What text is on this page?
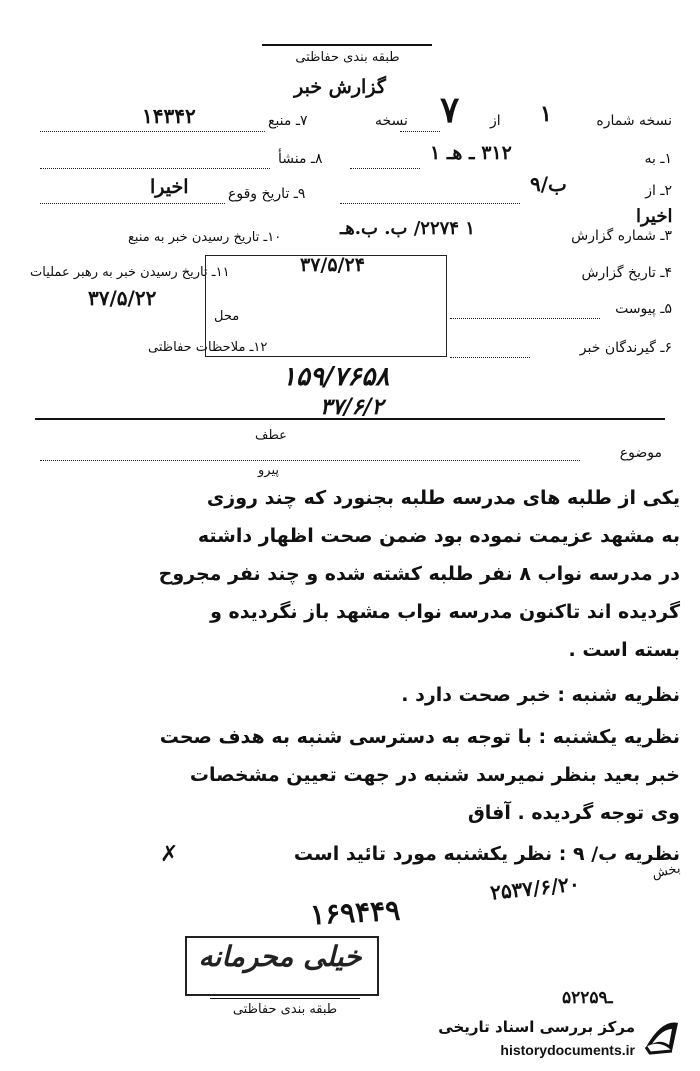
طبقه بندی حفاظتی
گزارش خبر
نسخه شماره
۱
از
۷
نسخه
۷ـ منبع
۱۴۳۴۲
۱ـ به
۳۱۲ ـ هـ ۱
۸ـ منشأ
۲ـ از
ب/۹
۹ـ تاریخ وقوع
اخیرا
اخیرا
۳ـ شماره گزارش
۱ ۲۲۷۴/ ب. ب.هـ
۱۰ـ تاریخ رسیدن خبر به منبع
۴ـ تاریخ گزارش
۳۷/۵/۲۴
۱۱ـ تاریخ رسیدن خبر به رهبر عملیات
۳۷/۵/۲۲
محل	۵ـ پیوست
۶ـ گیرندگان خبر
۱۲ـ ملاحظات حفاظتی
۱۵۹/۷۶۵۸
۳۷/۶/۲
عطف
موضوع
پیرو
یکی از طلبه های مدرسه طلبه بجنورد که چند روزی
به مشهد عزیمت نموده بود ضمن صحت اظهار داشته
در مدرسه نواب ۸ نفر طلبه کشته شده و چند نفر مجروح
گردیده اند تاکنون مدرسه نواب مشهد باز نگردیده و
بسته است .
نظریه شنبه : خبر صحت دارد .
نظریه یکشنبه : با توجه به دسترسی شنبه به هدف صحت
خبر بعید بنظر نمیرسد شنبه در جهت تعیین مشخصات
وی توجه گردیده . آفاق
نظریه ب/ ۹ : نظر یکشنبه مورد تائید است
✗
بخش
۱۶۹۴۴۹
۲۵۳۷/۶/۲۰
خیلی محرمانه
طبقه بندی حفاظتی
۵۲ـ۲۵۹
مرکز بررسی اسناد تاریخی
historydocuments.ir
